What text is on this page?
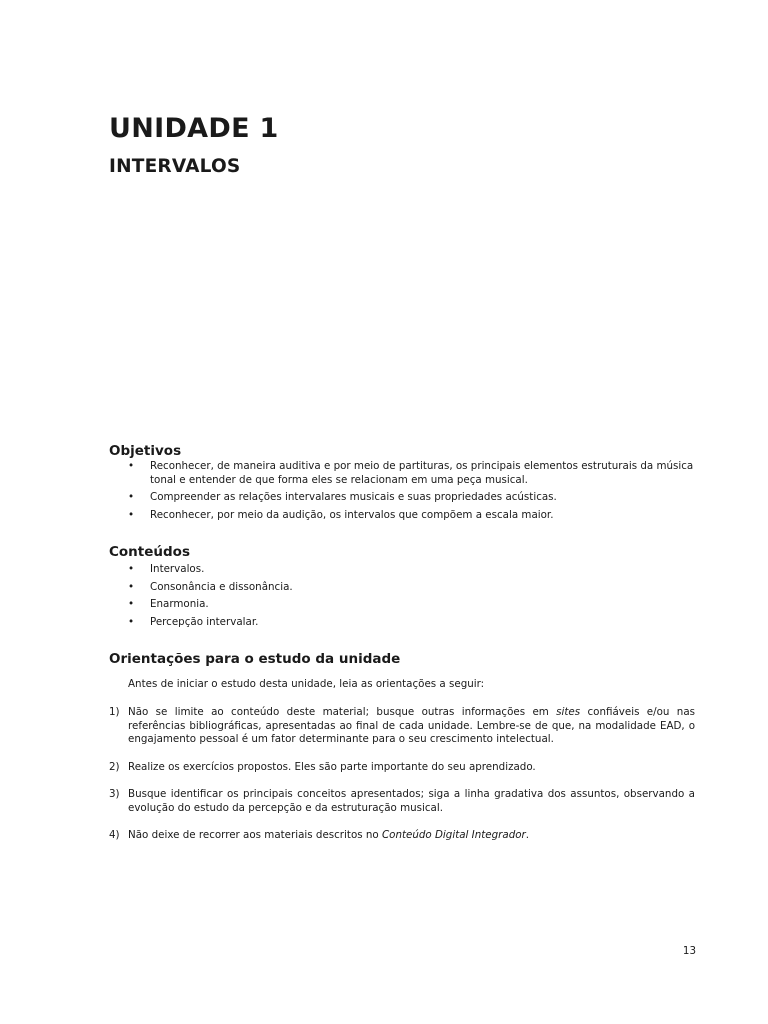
UNIDADE 1
INTERVALOS
Objetivos
• Reconhecer, de maneira auditiva e por meio de partituras, os principais elementos estruturais da música tonal e entender de que forma eles se relacionam em uma peça musical.
• Compreender as relações intervalares musicais e suas propriedades acústicas.
• Reconhecer, por meio da audição, os intervalos que compõem a escala maior.
Conteúdos
• Intervalos.
• Consonância e dissonância.
• Enarmonia.
• Percepção intervalar.
Orientações para o estudo da unidade

Antes de iniciar o estudo desta unidade, leia as orientações a seguir:

1) Não se limite ao conteúdo deste material; busque outras informações em sites confiáveis e/ou nas referências bibliográficas, apresentadas ao final de cada unidade. Lembre-se de que, na modalidade EAD, o engajamento pessoal é um fator determinante para o seu crescimento intelectual.
2) Realize os exercícios propostos. Eles são parte importante do seu aprendizado.
3) Busque identificar os principais conceitos apresentados; siga a linha gradativa dos assuntos, observando a evolução do estudo da percepção e da estruturação musical.
4) Não deixe de recorrer aos materiais descritos no Conteúdo Digital Integrador.

13
